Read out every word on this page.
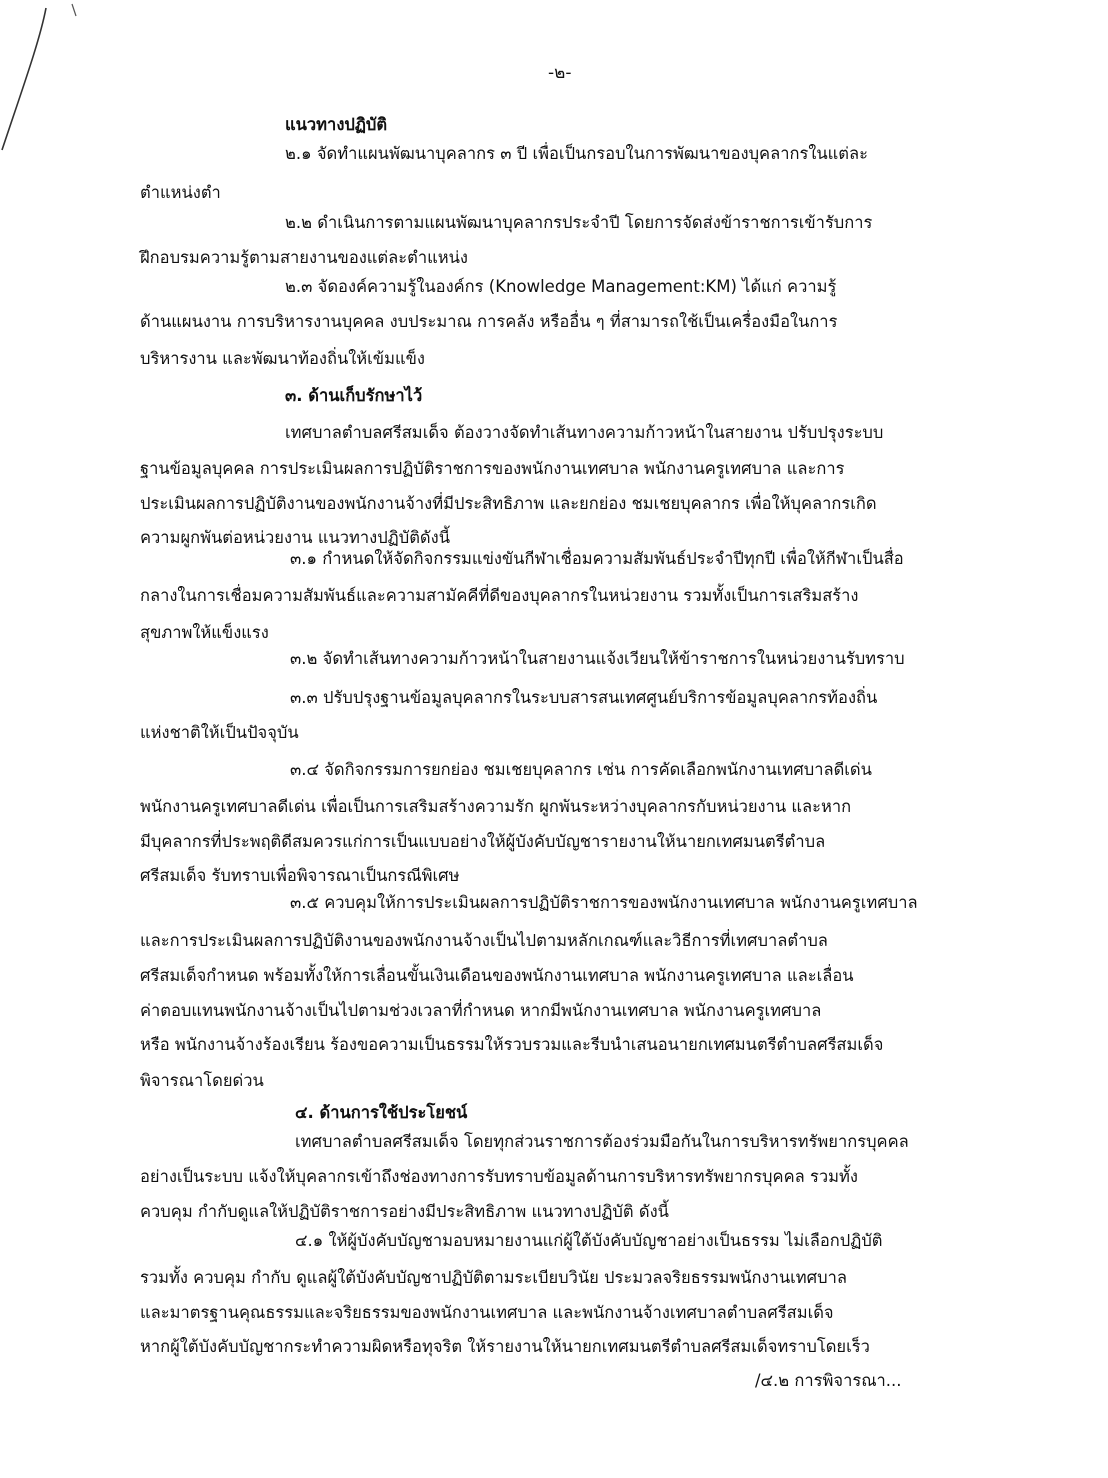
-๒-

แนวทางปฏิบัติ

๒.๑ จัดทำแผนพัฒนาบุคลากร ๓ ปี เพื่อเป็นกรอบในการพัฒนาของบุคลากรในแต่ละ

ตำแหน่งตำ

๒.๒ ดำเนินการตามแผนพัฒนาบุคลากรประจำปี โดยการจัดส่งข้าราชการเข้ารับการ

ฝึกอบรมความรู้ตามสายงานของแต่ละตำแหน่ง

๒.๓ จัดองค์ความรู้ในองค์กร (Knowledge Management:KM) ได้แก่ ความรู้

ด้านแผนงาน การบริหารงานบุคคล งบประมาณ การคลัง หรืออื่น ๆ ที่สามารถใช้เป็นเครื่องมือในการ

บริหารงาน และพัฒนาท้องถิ่นให้เข้มแข็ง

๓. ด้านเก็บรักษาไว้

เทศบาลตำบลศรีสมเด็จ ต้องวางจัดทำเส้นทางความก้าวหน้าในสายงาน ปรับปรุงระบบ

ฐานข้อมูลบุคคล การประเมินผลการปฏิบัติราชการของพนักงานเทศบาล พนักงานครูเทศบาล และการ

ประเมินผลการปฏิบัติงานของพนักงานจ้างที่มีประสิทธิภาพ และยกย่อง ชมเชยบุคลากร เพื่อให้บุคลากรเกิด

ความผูกพันต่อหน่วยงาน แนวทางปฏิบัติดังนี้

๓.๑ กำหนดให้จัดกิจกรรมแข่งขันกีฬาเชื่อมความสัมพันธ์ประจำปีทุกปี เพื่อให้กีฬาเป็นสื่อ

กลางในการเชื่อมความสัมพันธ์และความสามัคคีที่ดีของบุคลากรในหน่วยงาน รวมทั้งเป็นการเสริมสร้าง

สุขภาพให้แข็งแรง

๓.๒ จัดทำเส้นทางความก้าวหน้าในสายงานแจ้งเวียนให้ข้าราชการในหน่วยงานรับทราบ

๓.๓ ปรับปรุงฐานข้อมูลบุคลากรในระบบสารสนเทศศูนย์บริการข้อมูลบุคลากรท้องถิ่น

แห่งชาติให้เป็นปัจจุบัน

๓.๔ จัดกิจกรรมการยกย่อง ชมเชยบุคลากร เช่น การคัดเลือกพนักงานเทศบาลดีเด่น

พนักงานครูเทศบาลดีเด่น เพื่อเป็นการเสริมสร้างความรัก ผูกพันระหว่างบุคลากรกับหน่วยงาน และหาก

มีบุคลากรที่ประพฤติดีสมควรแก่การเป็นแบบอย่างให้ผู้บังคับบัญชารายงานให้นายกเทศมนตรีตำบล

ศรีสมเด็จ รับทราบเพื่อพิจารณาเป็นกรณีพิเศษ

๓.๕ ควบคุมให้การประเมินผลการปฏิบัติราชการของพนักงานเทศบาล พนักงานครูเทศบาล

และการประเมินผลการปฏิบัติงานของพนักงานจ้างเป็นไปตามหลักเกณฑ์และวิธีการที่เทศบาลตำบล

ศรีสมเด็จกำหนด พร้อมทั้งให้การเลื่อนขั้นเงินเดือนของพนักงานเทศบาล พนักงานครูเทศบาล และเลื่อน

ค่าตอบแทนพนักงานจ้างเป็นไปตามช่วงเวลาที่กำหนด หากมีพนักงานเทศบาล พนักงานครูเทศบาล

หรือ พนักงานจ้างร้องเรียน ร้องขอความเป็นธรรมให้รวบรวมและรีบนำเสนอนายกเทศมนตรีตำบลศรีสมเด็จ

พิจารณาโดยด่วน

๔. ด้านการใช้ประโยชน์

เทศบาลตำบลศรีสมเด็จ โดยทุกส่วนราชการต้องร่วมมือกันในการบริหารทรัพยากรบุคคล

อย่างเป็นระบบ แจ้งให้บุคลากรเข้าถึงช่องทางการรับทราบข้อมูลด้านการบริหารทรัพยากรบุคคล รวมทั้ง

ควบคุม กำกับดูแลให้ปฏิบัติราชการอย่างมีประสิทธิภาพ แนวทางปฏิบัติ ดังนี้

๔.๑ ให้ผู้บังคับบัญชามอบหมายงานแก่ผู้ใต้บังคับบัญชาอย่างเป็นธรรม ไม่เลือกปฏิบัติ

รวมทั้ง ควบคุม กำกับ ดูแลผู้ใต้บังคับบัญชาปฏิบัติตามระเบียบวินัย ประมวลจริยธรรมพนักงานเทศบาล

และมาตรฐานคุณธรรมและจริยธรรมของพนักงานเทศบาล และพนักงานจ้างเทศบาลตำบลศรีสมเด็จ

หากผู้ใต้บังคับบัญชากระทำความผิดหรือทุจริต ให้รายงานให้นายกเทศมนตรีตำบลศรีสมเด็จทราบโดยเร็ว

/๔.๒ การพิจารณา...
